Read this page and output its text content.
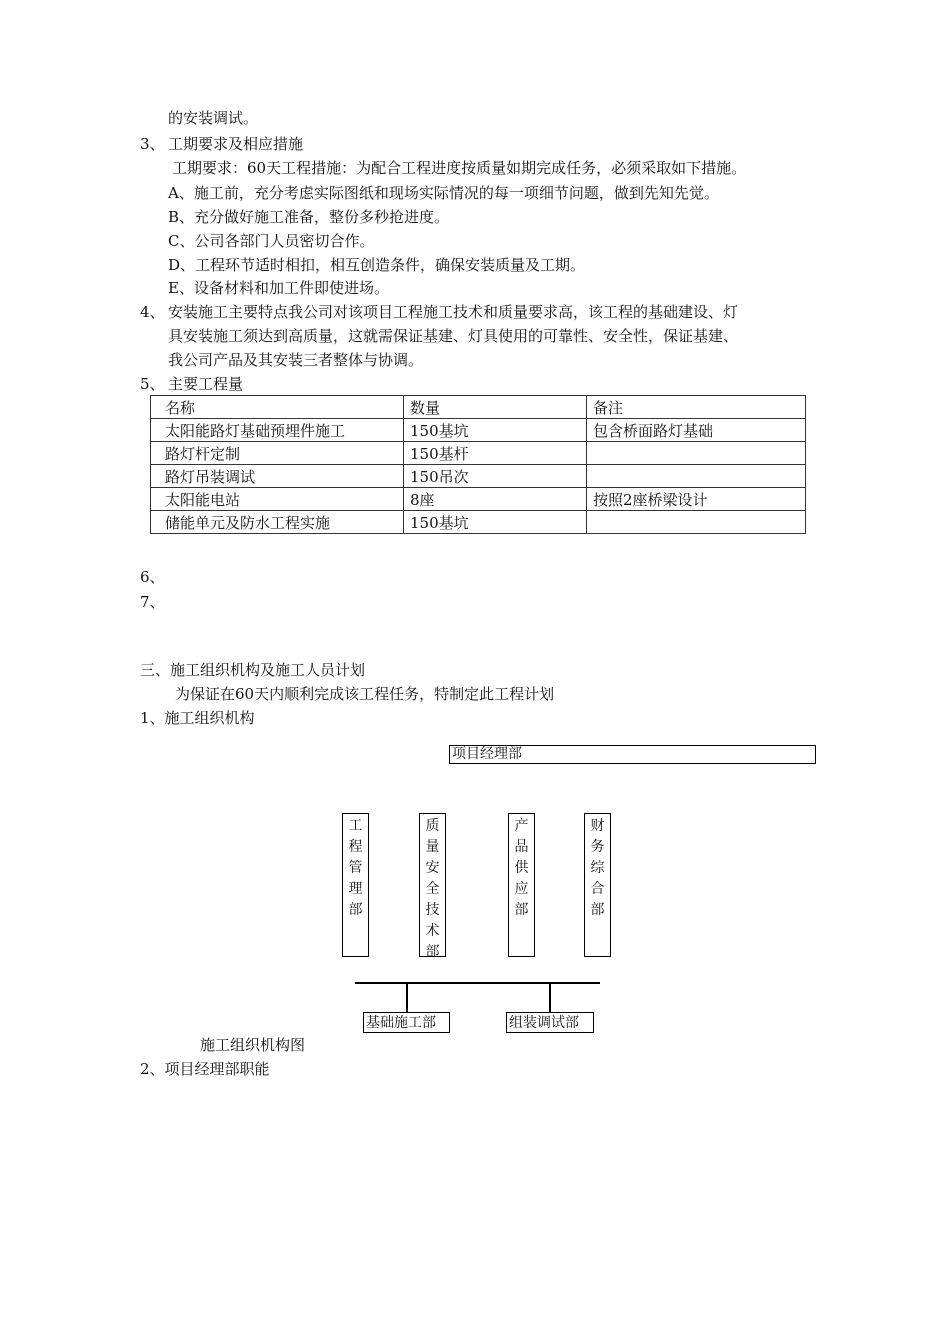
的安装调试。
3、 工期要求及相应措施
工期要求：60天工程措施：为配合工程进度按质量如期完成任务，必须采取如下措施。
A、施工前，充分考虑实际图纸和现场实际情况的每一项细节问题，做到先知先觉。
B、充分做好施工准备，整份多秒抢进度。
C、公司各部门人员密切合作。
D、工程环节适时相扣，相互创造条件，确保安装质量及工期。
E、设备材料和加工件即使进场。
4、 安装施工主要特点我公司对该项目工程施工技术和质量要求高，该工程的基础建设、灯
具安装施工须达到高质量，这就需保证基建、灯具使用的可靠性、安全性，保证基建、
我公司产品及其安装三者整体与协调。
5、 主要工程量
名称	数量	备注
太阳能路灯基础预埋件施工	150基坑	包含桥面路灯基础
路灯杆定制	150基杆	
路灯吊装调试	150吊次	
太阳能电站	8座	按照2座桥梁设计
储能单元及防水工程实施	150基坑	
6、
7、
三、施工组织机构及施工人员计划
为保证在60天内顺利完成该工程任务，特制定此工程计划
1、施工组织机构
项目经理部
工
程
管
理
部
质
量
安
全
技
术
部
产
品
供
应
部
财
务
综
合
部
基础施工部	组装调试部
施工组织机构图
2、项目经理部职能
